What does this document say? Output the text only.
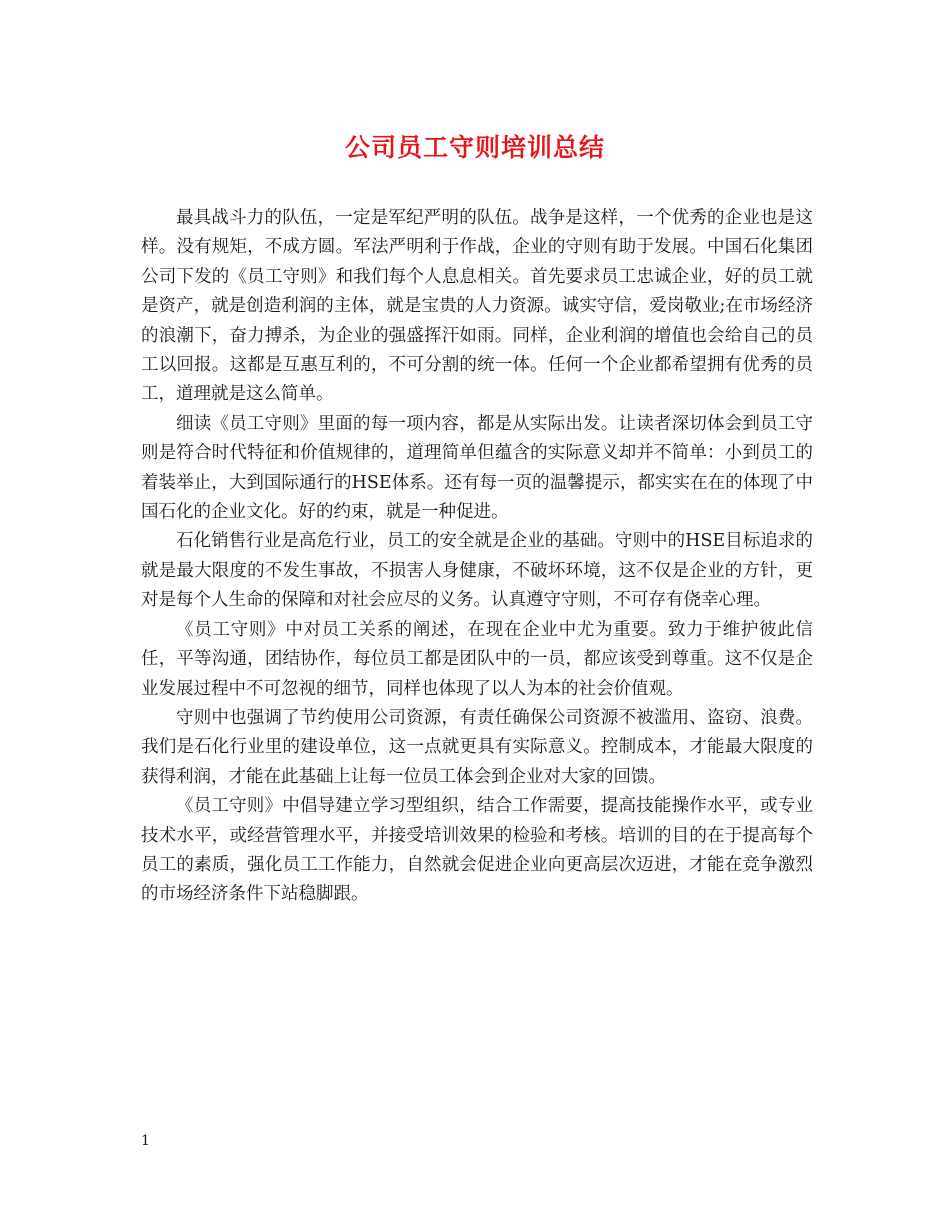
公司员工守则培训总结

最具战斗力的队伍，一定是军纪严明的队伍。战争是这样，一个优秀的企业也是这样。没有规矩，不成方圆。军法严明利于作战，企业的守则有助于发展。中国石化集团公司下发的《员工守则》和我们每个人息息相关。首先要求员工忠诚企业，好的员工就是资产，就是创造利润的主体，就是宝贵的人力资源。诚实守信，爱岗敬业;在市场经济的浪潮下，奋力搏杀，为企业的强盛挥汗如雨。同样，企业利润的增值也会给自己的员工以回报。这都是互惠互利的，不可分割的统一体。任何一个企业都希望拥有优秀的员工，道理就是这么简单。

细读《员工守则》里面的每一项内容，都是从实际出发。让读者深切体会到员工守则是符合时代特征和价值规律的，道理简单但蕴含的实际意义却并不简单：小到员工的着装举止，大到国际通行的HSE体系。还有每一页的温馨提示，都实实在在的体现了中国石化的企业文化。好的约束，就是一种促进。

石化销售行业是高危行业，员工的安全就是企业的基础。守则中的HSE目标追求的就是最大限度的不发生事故，不损害人身健康，不破坏环境，这不仅是企业的方针，更对是每个人生命的保障和对社会应尽的义务。认真遵守守则，不可存有侥幸心理。

《员工守则》中对员工关系的阐述，在现在企业中尤为重要。致力于维护彼此信任，平等沟通，团结协作，每位员工都是团队中的一员，都应该受到尊重。这不仅是企业发展过程中不可忽视的细节，同样也体现了以人为本的社会价值观。

守则中也强调了节约使用公司资源，有责任确保公司资源不被滥用、盗窃、浪费。我们是石化行业里的建设单位，这一点就更具有实际意义。控制成本，才能最大限度的获得利润，才能在此基础上让每一位员工体会到企业对大家的回馈。

《员工守则》中倡导建立学习型组织，结合工作需要，提高技能操作水平，或专业技术水平，或经营管理水平，并接受培训效果的检验和考核。培训的目的在于提高每个员工的素质，强化员工工作能力，自然就会促进企业向更高层次迈进，才能在竞争激烈的市场经济条件下站稳脚跟。

1
